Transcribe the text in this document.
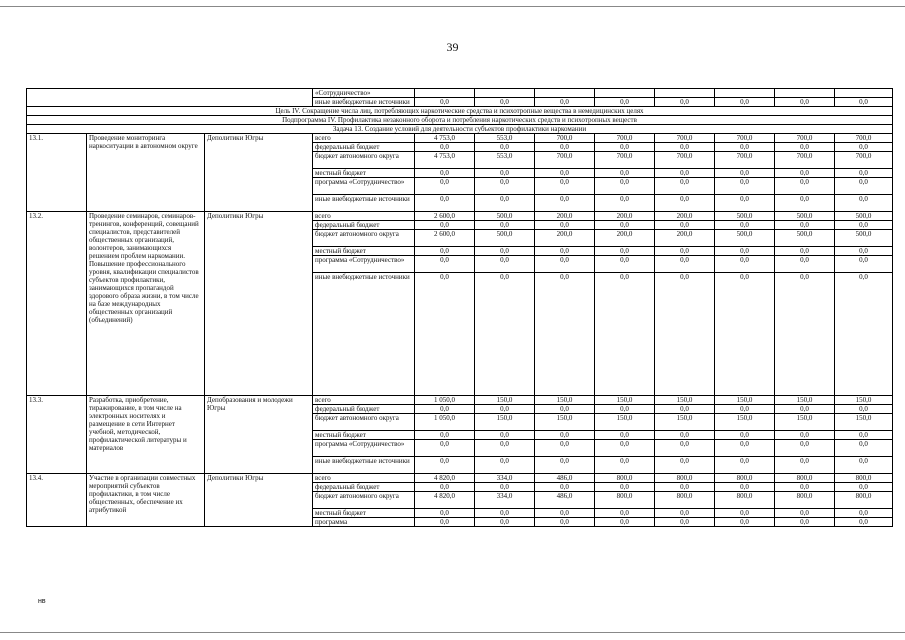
39
			«Сотрудничество»								
			иные внебюджетные источники	0,0	0,0	0,0	0,0	0,0	0,0	0,0	0,0
Цель IV. Сокращение числа лиц, потребляющих наркотические средства и психотропные вещества в немедицинских целях											
Подпрограмма IV. Профилактика незаконного оборота и потребления наркотических средств и психотропных веществ											
Задача 13. Создание условий для деятельности субъектов профилактики наркомании											
13.1.	Проведение мониторинга наркоситуации в автономном округе	Деполитики Югры	всего	4 753,0	553,0	700,0	700,0	700,0	700,0	700,0	700,0
			федеральный бюджет	0,0	0,0	0,0	0,0	0,0	0,0	0,0	0,0
			бюджет автономного округа	4 753,0	553,0	700,0	700,0	700,0	700,0	700,0	700,0
			местный бюджет	0,0	0,0	0,0	0,0	0,0	0,0	0,0	0,0
			программа «Сотрудничество»	0,0	0,0	0,0	0,0	0,0	0,0	0,0	0,0
			иные внебюджетные источники	0,0	0,0	0,0	0,0	0,0	0,0	0,0	0,0
13.2.	Проведение семинаров, семинаров-тренингов, конференций, совещаний специалистов, представителей общественных организаций, волонтеров, занимающихся решением проблем наркомании. Повышение профессионального уровня, квалификации специалистов субъектов профилактики, занимающихся пропагандой здорового образа жизни, в том числе на базе международных общественных организаций (объединений)	Деполитики Югры	всего	2 600,0	500,0	200,0	200,0	200,0	500,0	500,0	500,0
			федеральный бюджет	0,0	0,0	0,0	0,0	0,0	0,0	0,0	0,0
			бюджет автономного округа	2 600,0	500,0	200,0	200,0	200,0	500,0	500,0	500,0
			местный бюджет	0,0	0,0	0,0	0,0	0,0	0,0	0,0	0,0
			программа «Сотрудничество»	0,0	0,0	0,0	0,0	0,0	0,0	0,0	0,0
			иные внебюджетные источники	0,0	0,0	0,0	0,0	0,0	0,0	0,0	0,0
13.3.	Разработка, приобретение, тиражирование, в том числе на электронных носителях и размещение в сети Интернет учебной, методической, профилактической литературы и материалов	Депобразования и молодежи Югры	всего	1 050,0	150,0	150,0	150,0	150,0	150,0	150,0	150,0
			федеральный бюджет	0,0	0,0	0,0	0,0	0,0	0,0	0,0	0,0
			бюджет автономного округа	1 050,0	150,0	150,0	150,0	150,0	150,0	150,0	150,0
			местный бюджет	0,0	0,0	0,0	0,0	0,0	0,0	0,0	0,0
			программа «Сотрудничество»	0,0	0,0	0,0	0,0	0,0	0,0	0,0	0,0
			иные внебюджетные источники	0,0	0,0	0,0	0,0	0,0	0,0	0,0	0,0
13.4.	Участие в организации совместных мероприятий субъектов профилактики, в том числе общественных, обеспечение их атрибутикой	Деполитики Югры	всего	4 820,0	334,0	486,0	800,0	800,0	800,0	800,0	800,0
			федеральный бюджет	0,0	0,0	0,0	0,0	0,0	0,0	0,0	0,0
			бюджет автономного округа	4 820,0	334,0	486,0	800,0	800,0	800,0	800,0	800,0
			местный бюджет	0,0	0,0	0,0	0,0	0,0	0,0	0,0	0,0
			программа	0,0	0,0	0,0	0,0	0,0	0,0	0,0	0,0
нв
